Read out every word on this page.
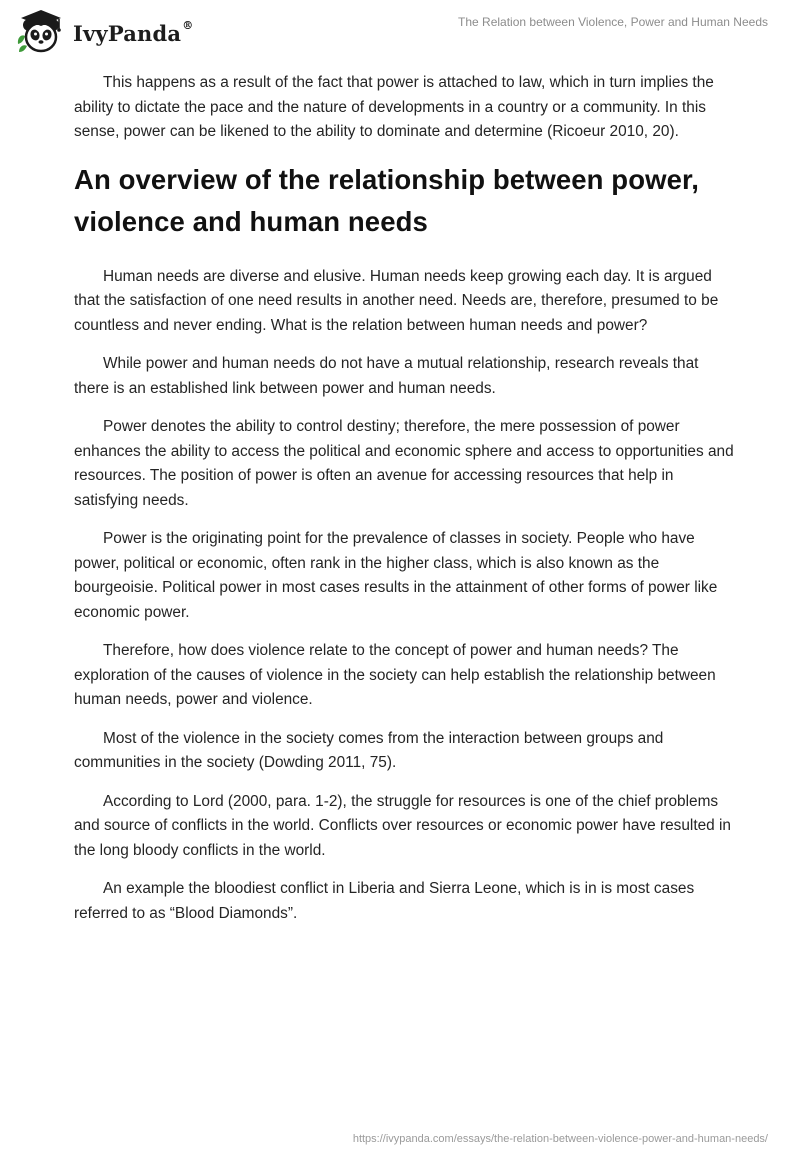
IvyPanda®	The Relation between Violence, Power and Human Needs

This happens as a result of the fact that power is attached to law, which in turn implies the ability to dictate the pace and the nature of developments in a country or a community. In this sense, power can be likened to the ability to dominate and determine (Ricoeur 2010, 20).

An overview of the relationship between power, violence and human needs

Human needs are diverse and elusive. Human needs keep growing each day. It is argued that the satisfaction of one need results in another need. Needs are, therefore, presumed to be countless and never ending. What is the relation between human needs and power?

While power and human needs do not have a mutual relationship, research reveals that there is an established link between power and human needs.

Power denotes the ability to control destiny; therefore, the mere possession of power enhances the ability to access the political and economic sphere and access to opportunities and resources. The position of power is often an avenue for accessing resources that help in satisfying needs.

Power is the originating point for the prevalence of classes in society. People who have power, political or economic, often rank in the higher class, which is also known as the bourgeoisie. Political power in most cases results in the attainment of other forms of power like economic power.

Therefore, how does violence relate to the concept of power and human needs? The exploration of the causes of violence in the society can help establish the relationship between human needs, power and violence.

Most of the violence in the society comes from the interaction between groups and communities in the society (Dowding 2011, 75).

According to Lord (2000, para. 1-2), the struggle for resources is one of the chief problems and source of conflicts in the world. Conflicts over resources or economic power have resulted in the long bloody conflicts in the world.

An example the bloodiest conflict in Liberia and Sierra Leone, which is in is most cases referred to as “Blood Diamonds”.

https://ivypanda.com/essays/the-relation-between-violence-power-and-human-needs/
